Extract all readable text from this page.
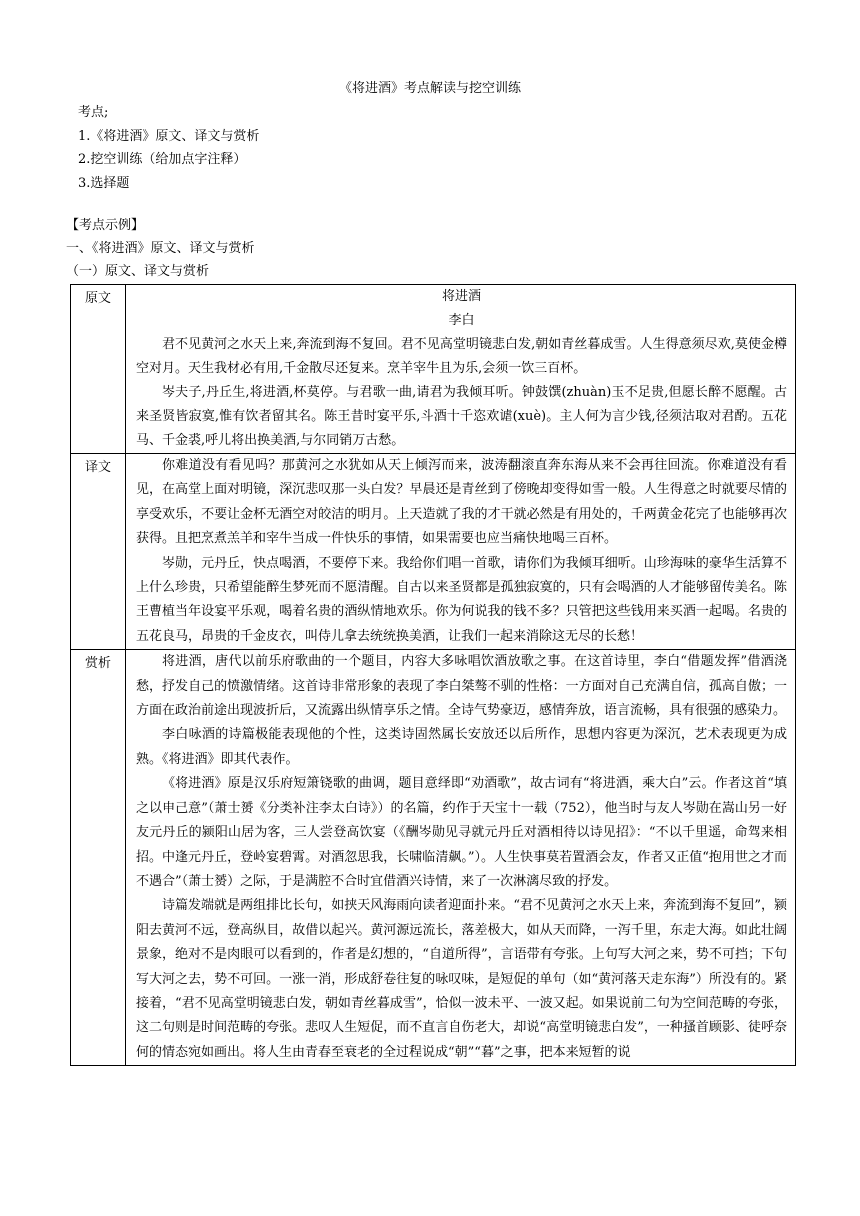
《将进酒》考点解读与挖空训练
考点;
1.《将进酒》原文、译文与赏析
2.挖空训练（给加点字注释）
3.选择题
【考点示例】
一、《将进酒》原文、译文与赏析
（一）原文、译文与赏析
原文	将进酒
李白

君不见黄河之水天上来,奔流到海不复回。君不见高堂明镜悲白发,朝如青丝暮成雪。人生得意须尽欢,莫使金樽空对月。天生我材必有用,千金散尽还复来。烹羊宰牛且为乐,会须一饮三百杯。

岑夫子,丹丘生,将进酒,杯莫停。与君歌一曲,请君为我倾耳听。钟鼓馔(zhuàn)玉不足贵,但愿长醉不愿醒。古来圣贤皆寂寞,惟有饮者留其名。陈王昔时宴平乐,斗酒十千恣欢谑(xuè)。主人何为言少钱,径须沽取对君酌。五花马、千金裘,呼儿将出换美酒,与尔同销万古愁。

译文	你难道没有看见吗？那黄河之水犹如从天上倾泻而来，波涛翻滚直奔东海从来不会再往回流。你难道没有看见，在高堂上面对明镜，深沉悲叹那一头白发？早晨还是青丝到了傍晚却变得如雪一般。人生得意之时就要尽情的享受欢乐，不要让金杯无酒空对皎洁的明月。上天造就了我的才干就必然是有用处的，千两黄金花完了也能够再次获得。且把烹煮羔羊和宰牛当成一件快乐的事情，如果需要也应当痛快地喝三百杯。

岑勋，元丹丘，快点喝酒，不要停下来。我给你们唱一首歌，请你们为我倾耳细听。山珍海味的豪华生活算不上什么珍贵，只希望能醉生梦死而不愿清醒。自古以来圣贤都是孤独寂寞的，只有会喝酒的人才能够留传美名。陈王曹植当年设宴平乐观，喝着名贵的酒纵情地欢乐。你为何说我的钱不多？只管把这些钱用来买酒一起喝。名贵的五花良马，昂贵的千金皮衣，叫侍儿拿去统统换美酒，让我们一起来消除这无尽的长愁！

赏析	将进酒，唐代以前乐府歌曲的一个题目，内容大多咏唱饮酒放歌之事。在这首诗里，李白“借题发挥”借酒浇愁，抒发自己的愤激情绪。这首诗非常形象的表现了李白桀骜不驯的性格：一方面对自己充满自信，孤高自傲；一方面在政治前途出现波折后，又流露出纵情享乐之情。全诗气势豪迈，感情奔放，语言流畅，具有很强的感染力。

李白咏酒的诗篇极能表现他的个性，这类诗固然属长安放还以后所作，思想内容更为深沉，艺术表现更为成熟。《将进酒》即其代表作。

《将进酒》原是汉乐府短箫铙歌的曲调，题目意绎即“劝酒歌”，故古词有“将进酒，乘大白”云。作者这首“填之以申己意”（萧士赟《分类补注李太白诗》）的名篇，约作于天宝十一载（752），他当时与友人岑勋在嵩山另一好友元丹丘的颍阳山居为客，三人尝登高饮宴（《酬岑勋见寻就元丹丘对酒相待以诗见招》：“不以千里遥，命驾来相招。中逢元丹丘，登岭宴碧霄。对酒忽思我，长啸临清飙。”）。人生快事莫若置酒会友，作者又正值“抱用世之才而不遇合”（萧士赟）之际，于是满腔不合时宜借酒兴诗情，来了一次淋漓尽致的抒发。

诗篇发端就是两组排比长句，如挟天风海雨向读者迎面扑来。“君不见黄河之水天上来，奔流到海不复回”，颍阳去黄河不远，登高纵目，故借以起兴。黄河源远流长，落差极大，如从天而降，一泻千里，东走大海。如此壮阔景象，绝对不是肉眼可以看到的，作者是幻想的，“自道所得”，言语带有夸张。上句写大河之来，势不可挡；下句写大河之去，势不可回。一涨一消，形成舒卷往复的咏叹味，是短促的单句（如“黄河落天走东海”）所没有的。紧接着，“君不见高堂明镜悲白发，朝如青丝暮成雪”，恰似一波未平、一波又起。如果说前二句为空间范畴的夸张，这二句则是时间范畴的夸张。悲叹人生短促，而不直言自伤老大，却说“高堂明镜悲白发”，一种搔首顾影、徒呼奈何的情态宛如画出。将人生由青春至衰老的全过程说成“朝”“暮”之事，把本来短暂的说
